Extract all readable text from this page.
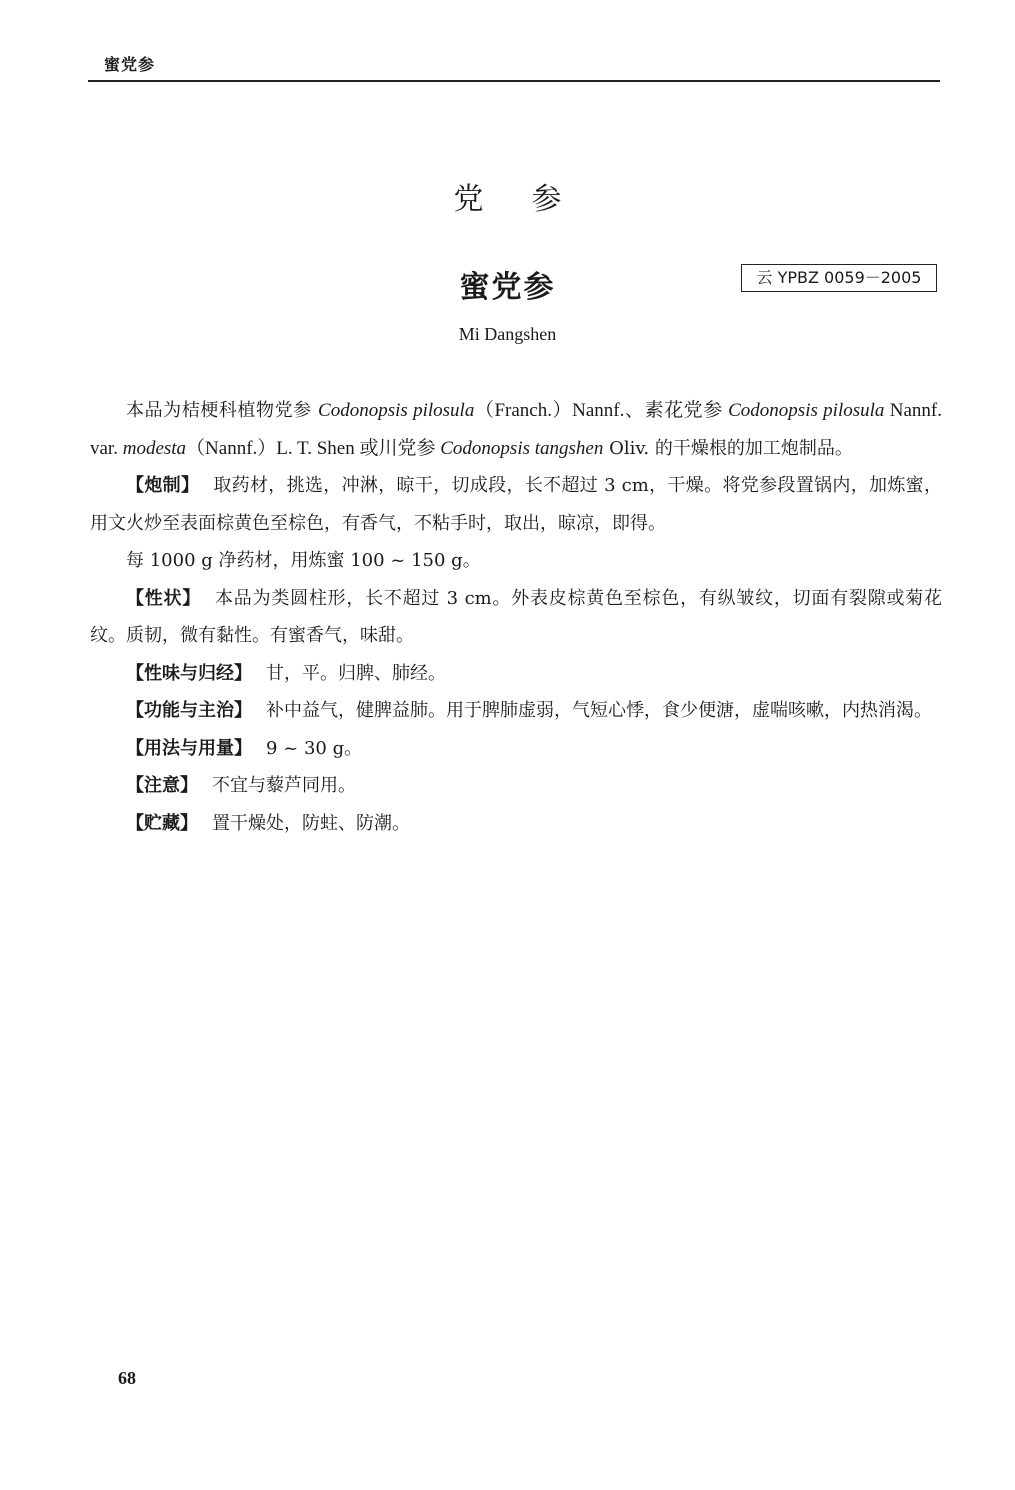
蜜党参
党参
蜜党参	云 YPBZ 0059－2005
Mi Dangshen

本品为桔梗科植物党参 Codonopsis pilosula（Franch.）Nannf.、素花党参 Codonopsis pilosula Nannf. var. modesta（Nannf.）L. T. Shen 或川党参 Codonopsis tangshen Oliv. 的干燥根的加工炮制品。

【炮制】 取药材，挑选，冲淋，晾干，切成段，长不超过 3 cm，干燥。将党参段置锅内，加炼蜜，用文火炒至表面棕黄色至棕色，有香气，不粘手时，取出，晾凉，即得。

每 1000 g 净药材，用炼蜜 100 ~ 150 g。

【性状】 本品为类圆柱形，长不超过 3 cm。外表皮棕黄色至棕色，有纵皱纹，切面有裂隙或菊花纹。质韧，微有黏性。有蜜香气，味甜。

【性味与归经】 甘，平。归脾、肺经。

【功能与主治】 补中益气，健脾益肺。用于脾肺虚弱，气短心悸，食少便溏，虚喘咳嗽，内热消渴。

【用法与用量】 9 ~ 30 g。

【注意】 不宜与藜芦同用。

【贮藏】 置干燥处，防蛀、防潮。

68
